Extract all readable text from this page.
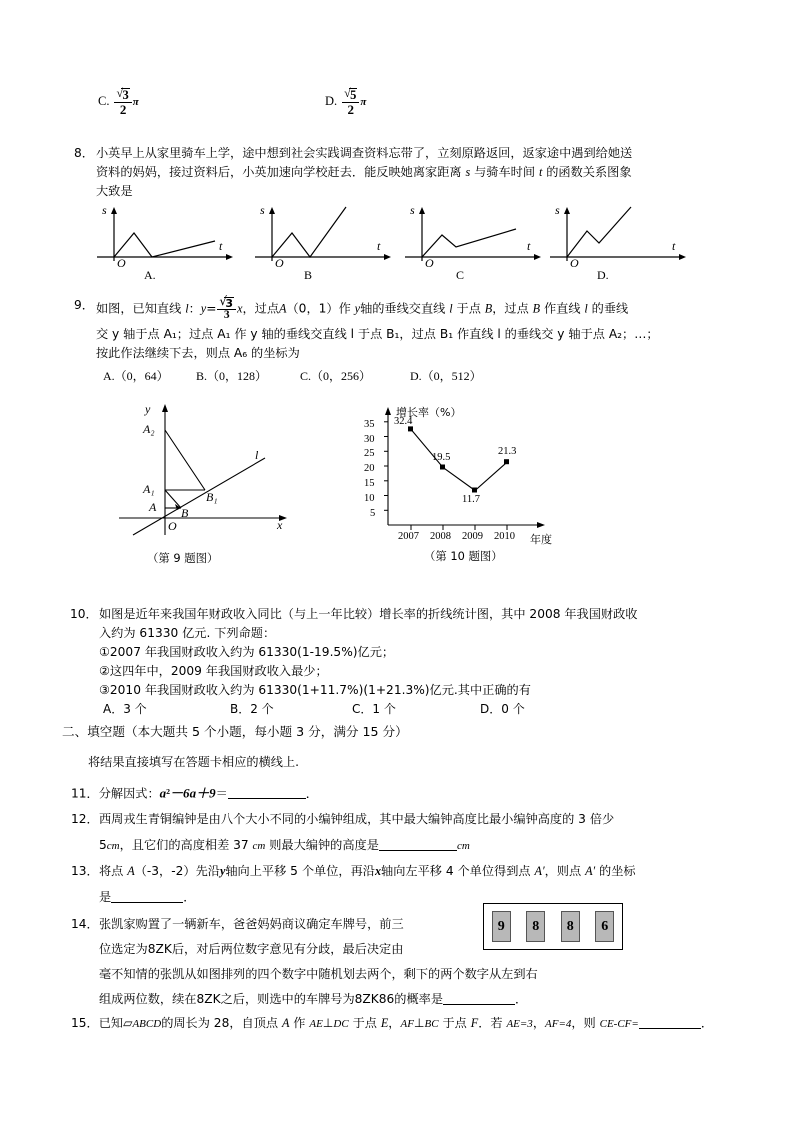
C. √ $\frac{3}{2}$ π	D. √ $\frac{5}{2}$ π
8． 小英早上从家里骑车上学，途中想到社会实践调查资料忘带了，立刻原路返回，返家途中遇到给她送
资料的妈妈，接过资料后，小英加速向学校赶去．能反映她离家距离 s 与骑车时间 t 的函数关系图象
大致是
s
t
O
A.
s
t
O
B
s
t
O
C
s
t
O
D.
9． 如图，已知直线 l：y= √ $\frac{3}{3}$ x，过点A（0，1）作 y轴的垂线交直线 l 于点 B，过点 B 作直线 l 的垂线
交 y 轴于点 A₁；过点 A₁ 作 y 轴的垂线交直线 l 于点 B₁，过点 B₁ 作直线 l 的垂线交 y 轴于点 A₂；…；
按此作法继续下去，则点 A₆ 的坐标为
A.（0，64） B.（0，128）	C.（0，256）	D.（0，512）
y
x
O
A₂
A₁
A B
B₁
l
（第 9 题图）
增长率（%）
5
10
15
20
25
30
35 32.4
19.5
11.7
21.3
2007 2008 2009 2010 年度
（第 10 题图）
10． 如图是近年来我国年财政收入同比（与上一年比较）增长率的折线统计图，其中 2008 年我国财政收
入约为 61330 亿元. 下列命题：
①2007 年我国财政收入约为 61330(1-19.5%)亿元；
②这四年中，2009 年我国财政收入最少；
③2010 年我国财政收入约为 61330(1+11.7%)(1+21.3%)亿元.其中正确的有
A．3 个	B．2 个	C．1 个	D．0 个
二、填空题（本大题共 5 个小题，每小题 3 分，满分 15 分）
将结果直接填写在答题卡相应的横线上.
11．分解因式：$a^2-6a+9=$	．
12． 西周戎生青铜编钟是由八个大小不同的小编钟组成，其中最大编钟高度比最小编钟高度的 3 倍少
5cm，且它们的高度相差 37 cm 则最大编钟的高度是	cm
13． 将点 A（-3，-2）先沿y轴向上平移 5 个单位，再沿x轴向左平移 4 个单位得到点 A′，则点 A′ 的坐标
是	．
14． 张凯家购置了一辆新车，爸爸妈妈商议确定车牌号，前三
位选定为8ZK后，对后两位数字意见有分歧，最后决定由
毫不知情的张凯从如图排列的四个数字中随机划去两个，剩下的两个数字从左到右
组成两位数，续在8ZK之后，则选中的车牌号为8ZK86的概率是	．
9	8	8	6
15．已知▱ABCD的周长为 28，自顶点 A 作 AE⊥DC 于点 E，AF⊥BC 于点 F．若 AE=3，AF=4，则 CE-CF=	．
